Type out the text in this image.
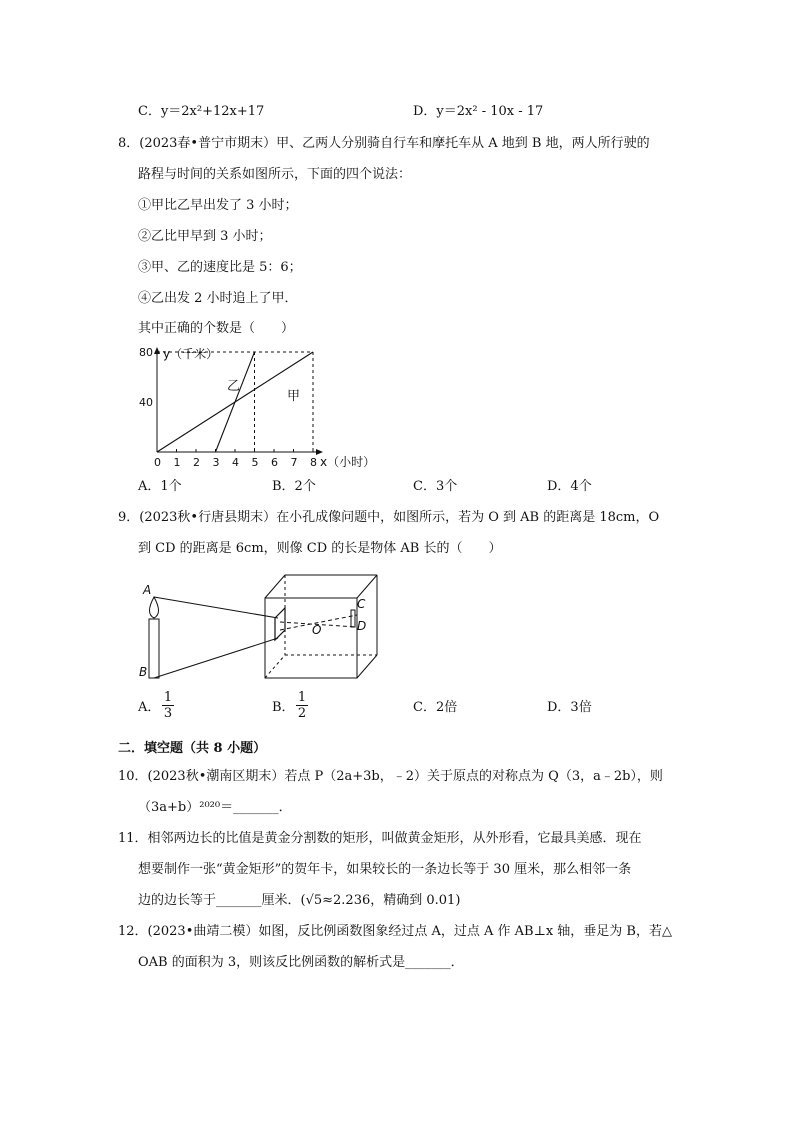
C．y＝2x²+12x+17	D．y＝2x² - 10x - 17
8．(2023春•普宁市期末）甲、乙两人分别骑自行车和摩托车从 A 地到 B 地，两人所行驶的
路程与时间的关系如图所示，下面的四个说法：
①甲比乙早出发了 3 小时；
②乙比甲早到 3 小时；
③甲、乙的速度比是 5：6；
④乙出发 2 小时追上了甲．
其中正确的个数是（　　）
0 1 2 3 4 5 6 7 8
80
40
y（千米）
x（小时）
乙
甲
A．1个	B．2个	C．3个	D．4个
9．(2023秋•行唐县期末）在小孔成像问题中，如图所示，若为 O 到 AB 的距离是 18cm，O
到 CD 的距离是 6cm，则像 CD 的长是物体 AB 长的（　　）
A
B
O
C
D
A． $\frac{1}{3}$	B． $\frac{1}{2}$	C．2倍	D．3倍
二．填空题（共 8 小题）
10．(2023秋•潮南区期末）若点 P（2a+3b，﹣2）关于原点的对称点为 Q（3，a﹣2b），则
（3a+b）²⁰²⁰＝_______．
11．相邻两边长的比值是黄金分割数的矩形，叫做黄金矩形，从外形看，它最具美感．现在
想要制作一张“黄金矩形”的贺年卡，如果较长的一条边长等于 30 厘米，那么相邻一条
边的边长等于_______厘米．(√5≈2.236，精确到 0.01)
12．(2023•曲靖二模）如图，反比例函数图象经过点 A，过点 A 作 AB⊥x 轴，垂足为 B，若△
OAB 的面积为 3，则该反比例函数的解析式是_______．
